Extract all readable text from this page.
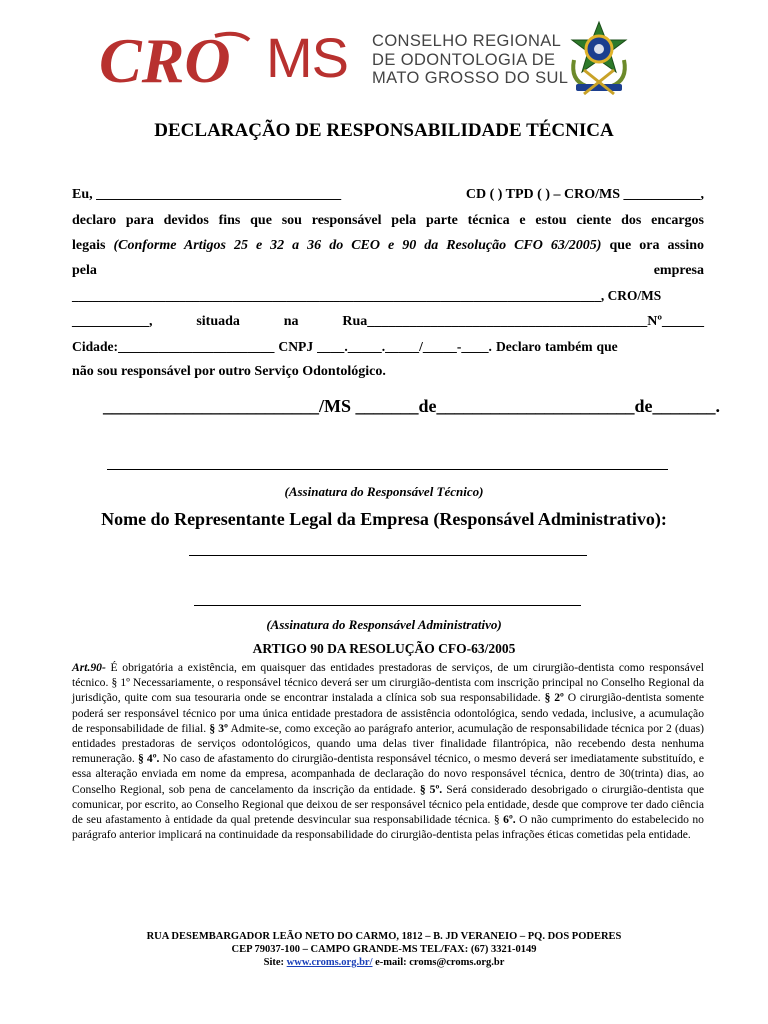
CRO MS CONSELHO REGIONAL
DE ODONTOLOGIA DE
MATO GROSSO DO SUL
DECLARAÇÃO DE RESPONSABILIDADE TÉCNICA
Eu, ___________________________________	CD ( ) TPD ( ) – CRO/MS ___________,
declaro para devidos fins que sou responsável pela parte técnica e estou ciente dos encargos
legais (Conforme Artigos 25 e 32 a 36 do CEO e 90 da Resolução CFO 63/2005) que ora assino
pela	empresa
_______________________________________________________________________________, CRO/MS
___________,	situada	na	Rua________________________________________Nº______
Cidade:_______________________ CNPJ ____._____._____/_____-____. Declaro também que
não sou responsável por outro Serviço Odontológico.
________________________/MS _______de______________________de_______.
(Assinatura do Responsável Técnico)
Nome do Representante Legal da Empresa (Responsável Administrativo):
(Assinatura do Responsável Administrativo)
ARTIGO 90 DA RESOLUÇÃO CFO-63/2005
Art.90- É obrigatória a existência, em quaisquer das entidades prestadoras de serviços, de um cirurgião-dentista como responsável técnico. § 1º Necessariamente, o responsável técnico deverá ser um cirurgião-dentista com inscrição principal no Conselho Regional da jurisdição, quite com sua tesouraria onde se encontrar instalada a clínica sob sua responsabilidade. § 2º O cirurgião-dentista somente poderá ser responsável técnico por uma única entidade prestadora de assistência odontológica, sendo vedada, inclusive, a acumulação de responsabilidade de filial. § 3º Admite-se, como exceção ao parágrafo anterior, acumulação de responsabilidade técnica por 2 (duas) entidades prestadoras de serviços odontológicos, quando uma delas tiver finalidade filantrópica, não recebendo desta nenhuma remuneração. § 4º. No caso de afastamento do cirurgião-dentista responsável técnico, o mesmo deverá ser imediatamente substituído, e essa alteração enviada em nome da empresa, acompanhada de declaração do novo responsável técnica, dentro de 30(trinta) dias, ao Conselho Regional, sob pena de cancelamento da inscrição da entidade. § 5º. Será considerado desobrigado o cirurgião-dentista que comunicar, por escrito, ao Conselho Regional que deixou de ser responsável técnico pela entidade, desde que comprove ter dado ciência de seu afastamento à entidade da qual pretende desvincular sua responsabilidade técnica. § 6º. O não cumprimento do estabelecido no parágrafo anterior implicará na continuidade da responsabilidade do cirurgião-dentista pelas infrações éticas cometidas pela entidade.
RUA DESEMBARGADOR LEÃO NETO DO CARMO, 1812 – B. JD VERANEIO – PQ. DOS PODERES
CEP 79037-100 – CAMPO GRANDE-MS TEL/FAX: (67) 3321-0149
Site: www.croms.org.br/ e-mail: croms@croms.org.br
